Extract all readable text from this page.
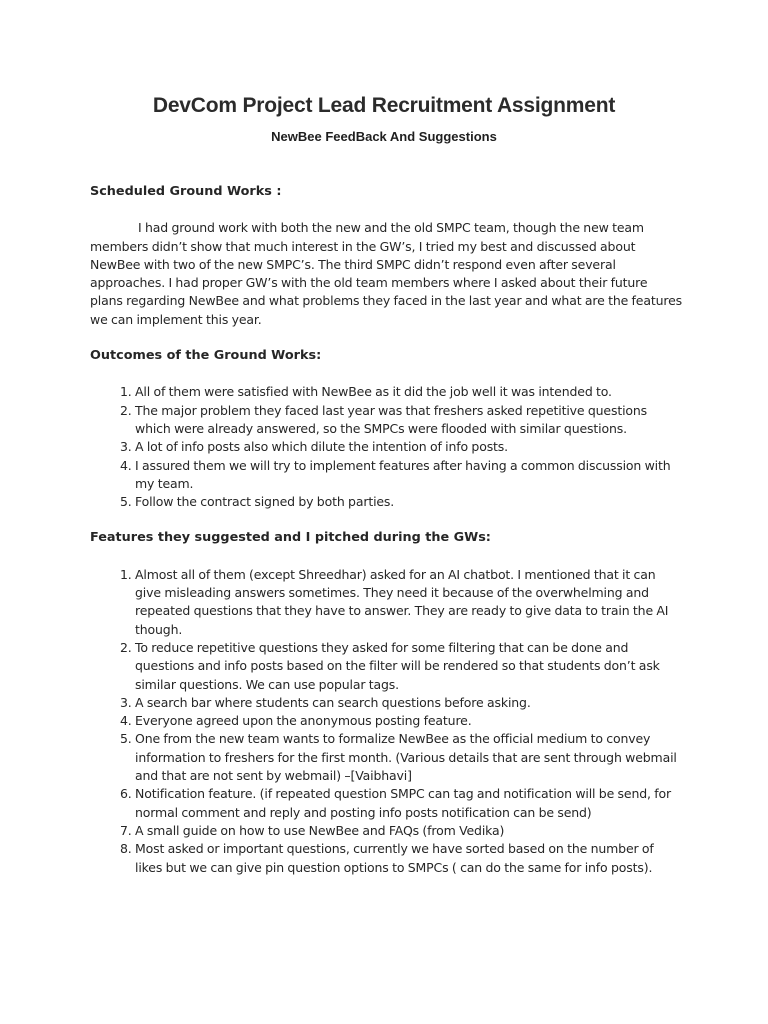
DevCom Project Lead Recruitment Assignment
NewBee FeedBack And Suggestions

Scheduled Ground Works :

I had ground work with both the new and the old SMPC team, though the new team members didn’t show that much interest in the GW’s, I tried my best and discussed about NewBee with two of the new SMPC’s. The third SMPC didn’t respond even after several approaches. I had proper GW’s with the old team members where I asked about their future plans regarding NewBee and what problems they faced in the last year and what are the features we can implement this year.

Outcomes of the Ground Works:

1. All of them were satisfied with NewBee as it did the job well it was intended to.
2. The major problem they faced last year was that freshers asked repetitive questions which were already answered, so the SMPCs were flooded with similar questions.
3. A lot of info posts also which dilute the intention of info posts.
4. I assured them we will try to implement features after having a common discussion with my team.
5. Follow the contract signed by both parties.

Features they suggested and I pitched during the GWs:

1. Almost all of them (except Shreedhar) asked for an AI chatbot. I mentioned that it can give misleading answers sometimes. They need it because of the overwhelming and repeated questions that they have to answer. They are ready to give data to train the AI though.
2. To reduce repetitive questions they asked for some filtering that can be done and questions and info posts based on the filter will be rendered so that students don’t ask similar questions. We can use popular tags.
3. A search bar where students can search questions before asking.
4. Everyone agreed upon the anonymous posting feature.
5. One from the new team wants to formalize NewBee as the official medium to convey information to freshers for the first month. (Various details that are sent through webmail and that are not sent by webmail) –[Vaibhavi]
6. Notification feature. (if repeated question SMPC can tag and notification will be send, for normal comment and reply and posting info posts notification can be send)
7. A small guide on how to use NewBee and FAQs (from Vedika)
8. Most asked or important questions, currently we have sorted based on the number of likes but we can give pin question options to SMPCs ( can do the same for info posts).
